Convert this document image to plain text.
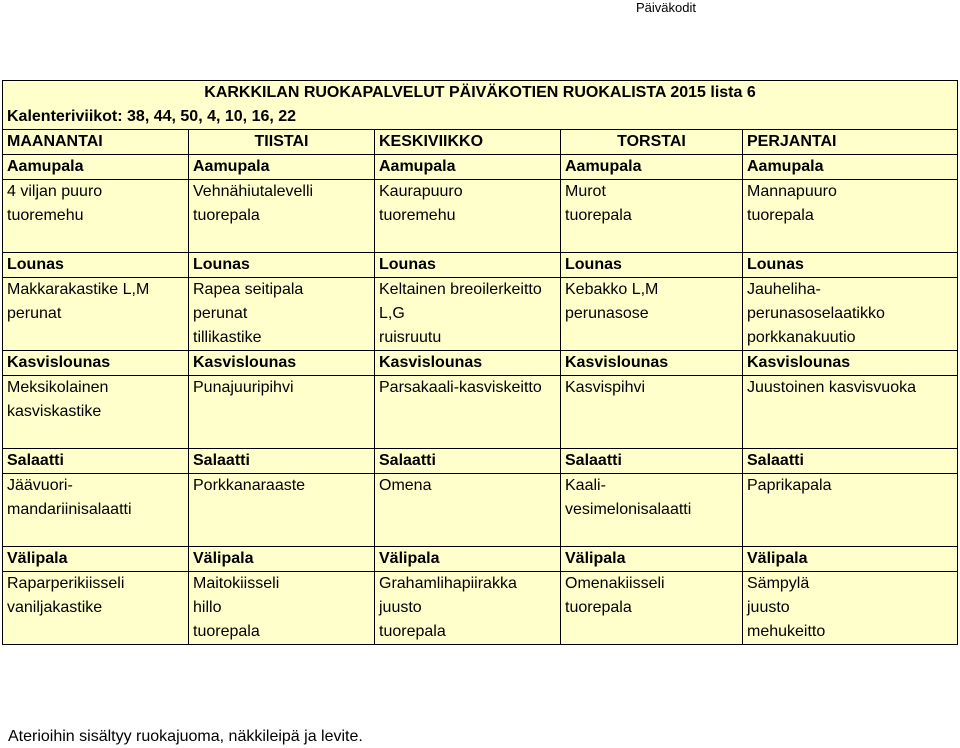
Päiväkodit
KARKKILAN RUOKAPALVELUT PÄIVÄKOTIEN RUOKALISTA 2015 lista 6				
Kalenteriviikot: 38, 44, 50, 4, 10, 16, 22				
MAANANTAI	TIISTAI	KESKIVIIKKO	TORSTAI	PERJANTAI
Aamupala	Aamupala	Aamupala	Aamupala	Aamupala
4 viljan puuro	Vehnähiutalevelli	Kaurapuuro	Murot	Mannapuuro
tuoremehu	tuorepala	tuoremehu	tuorepala	tuorepala

Lounas	Lounas	Lounas	Lounas	Lounas
Makkarakastike L,M	Rapea seitipala	Keltainen breoilerkeitto	Kebakko L,M	Jauheliha-
perunat	perunat	L,G	perunasose	perunasoselaatikko
	tillikastike	ruisruutu		porkkanakuutio
Kasvislounas	Kasvislounas	Kasvislounas	Kasvislounas	Kasvislounas
Meksikolainen	Punajuuripihvi	Parsakaali-kasviskeitto	Kasvispihvi	Juustoinen kasvisvuoka
kasviskastike				

Salaatti	Salaatti	Salaatti	Salaatti	Salaatti
Jäävuori-	Porkkanaraaste	Omena	Kaali-	Paprikapala
mandariinisalaatti			vesimelonisalaatti	

Välipala	Välipala	Välipala	Välipala	Välipala
Raparperikiisseli	Maitokiisseli	Grahamlihapiirakka	Omenakiisseli	Sämpylä
vaniljakastike	hillo	juusto	tuorepala	juusto
	tuorepala	tuorepala		mehukeitto
Aterioihin sisältyy ruokajuoma, näkkileipä ja levite.
